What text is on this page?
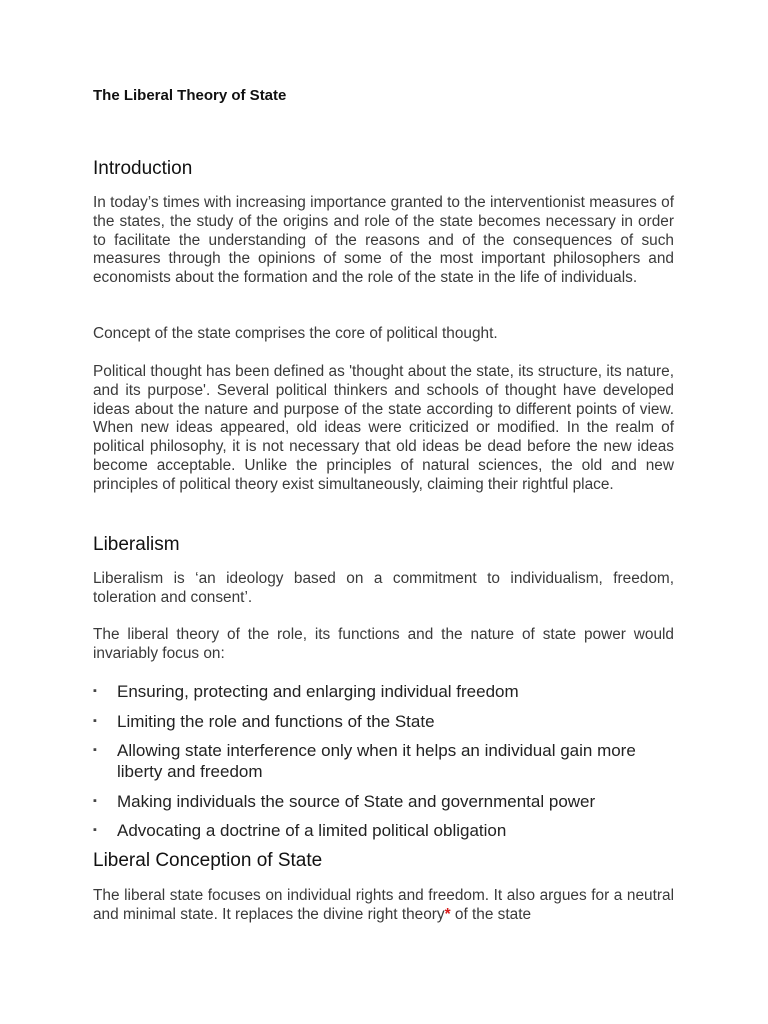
The Liberal Theory of State
Introduction

In today’s times with increasing importance granted to the interventionist measures of the states, the study of the origins and role of the state becomes necessary in order to facilitate the understanding of the reasons and of the consequences of such measures through the opinions of some of the most important philosophers and economists about the formation and the role of the state in the life of individuals.

Concept of the state comprises the core of political thought.

Political thought has been defined as 'thought about the state, its structure, its nature, and its purpose'. Several political thinkers and schools of thought have developed ideas about the nature and purpose of the state according to different points of view. When new ideas appeared, old ideas were criticized or modified. In the realm of political philosophy, it is not necessary that old ideas be dead before the new ideas become acceptable. Unlike the principles of natural sciences, the old and new principles of political theory exist simultaneously, claiming their rightful place.

Liberalism

Liberalism is ‘an ideology based on a commitment to individualism, freedom, toleration and consent’.

The liberal theory of the role, its functions and the nature of state power would invariably focus on:

▪ Ensuring, protecting and enlarging individual freedom
▪ Limiting the role and functions of the State
▪ Allowing state interference only when it helps an individual gain more liberty and freedom
▪ Making individuals the source of State and governmental power
▪ Advocating a doctrine of a limited political obligation
Liberal Conception of State

The liberal state focuses on individual rights and freedom. It also argues for a neutral and minimal state. It replaces the divine right theory* of the state
